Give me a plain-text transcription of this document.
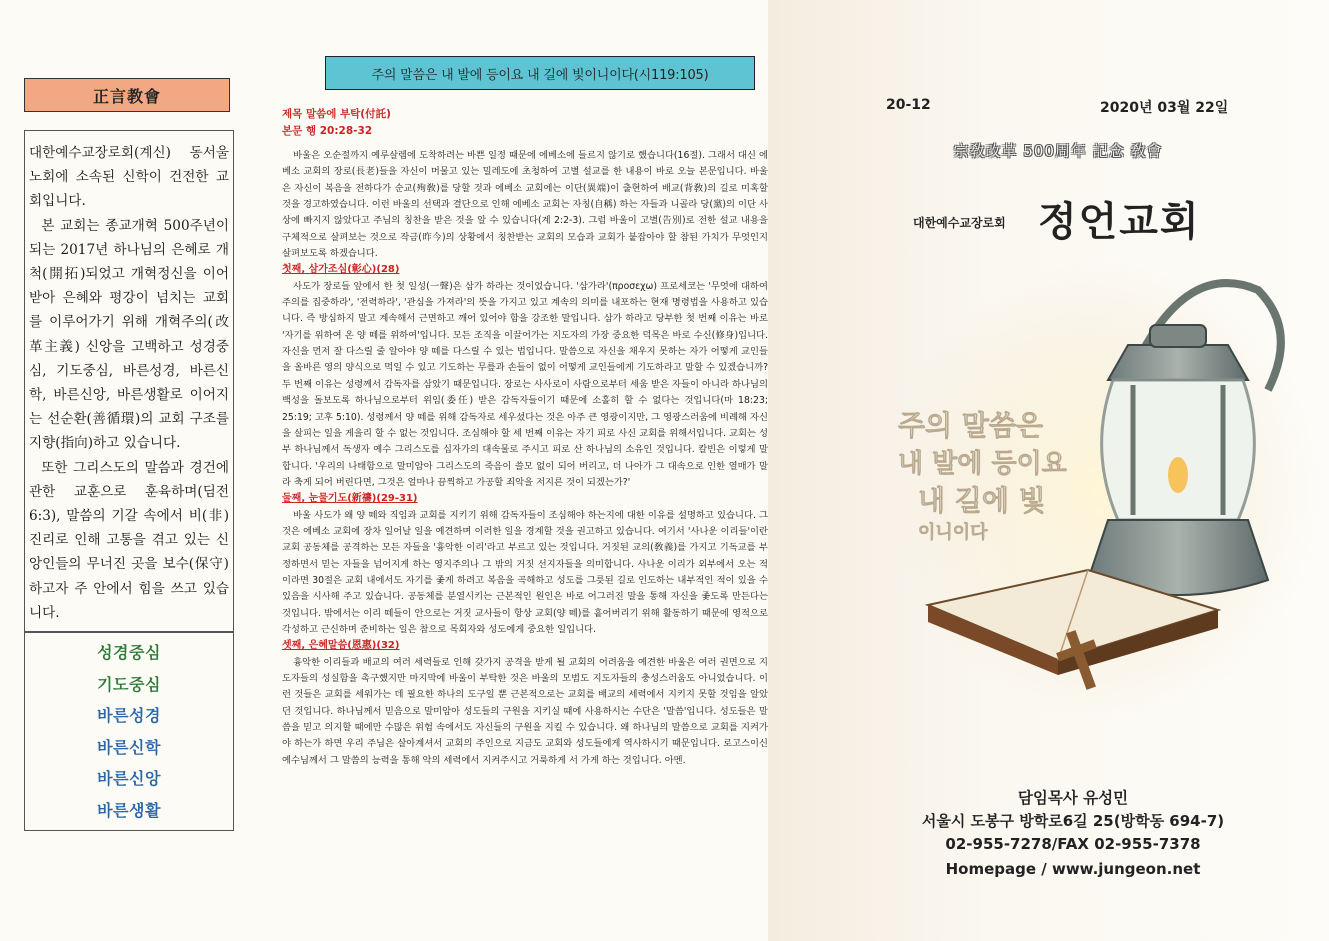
正言教會

대한예수교장로회(계신) 동서울 노회에 소속된 신학이 건전한 교회입니다.

본 교회는 종교개혁 500주년이 되는 2017년 하나님의 은혜로 개척(開拓)되었고 개혁정신을 이어받아 은혜와 평강이 넘치는 교회를 이루어가기 위해 개혁주의(改革主義) 신앙을 고백하고 성경중심, 기도중심, 바른성경, 바른신학, 바른신앙, 바른생활로 이어지는 선순환(善循環)의 교회 구조를 지향(指向)하고 있습니다.

또한 그리스도의 말씀과 경건에 관한 교훈으로 훈육하며(딤전 6:3), 말씀의 기갈 속에서 비(非) 진리로 인해 고통을 겪고 있는 신앙인들의 무너진 곳을 보수(保守)하고자 주 안에서 힘을 쓰고 있습니다.

성경중심
기도중심
바른성경
바른신학
바른신앙
바른생활
주의 말씀은 내 발에 등이요 내 길에 빛이니이다(시119:105)
제목 말씀에 부탁(付託)
본문 행 20:28-32

바울은 오순절까지 예루살렘에 도착하려는 바쁜 일정 때문에 에베소에 들르지 않기로 했습니다(16절). 그래서 대신 에베소 교회의 장로(長老)들을 자신이 머물고 있는 밀레도에 초청하여 고별 설교를 한 내용이 바로 오늘 본문입니다. 바울은 자신이 복음을 전하다가 순교(殉敎)를 당할 것과 에베소 교회에는 이단(異端)이 출현하여 배교(背敎)의 길로 미혹할 것을 경고하였습니다. 이런 바울의 선택과 결단으로 인해 에베소 교회는 자칭(自稱) 하는 자들과 니골라 당(黨)의 이단 사상에 빠지지 않았다고 주님의 칭찬을 받은 것을 알 수 있습니다(계 2:2-3). 그럼 바울이 고별(告別)로 전한 설교 내용을 구체적으로 살펴보는 것으로 작금(昨今)의 상황에서 칭찬받는 교회의 모습과 교회가 붙잡아야 할 참된 가치가 무엇인지 살펴보도록 하겠습니다.

첫째, 삼가조심(彰心)(28)

사도가 장로들 앞에서 한 첫 일성(一聲)은 삼가 하라는 것이었습니다. '삼가라'(προσεχω) 프로세코는 '무엇에 대하여 주의를 집중하라', '전력하라', '관심을 가져라'의 뜻을 가지고 있고 계속의 의미를 내포하는 현재 명령법을 사용하고 있습니다. 즉 방심하지 말고 계속해서 근면하고 깨어 있어야 함을 강조한 말입니다. 삼가 하라고 당부한 첫 번째 이유는 바로 '자기를 위하여 온 양 떼를 위하여'입니다. 모든 조직을 이끌어가는 지도자의 가장 중요한 덕목은 바로 수신(修身)입니다. 자신을 먼저 잘 다스릴 줄 알아야 양 떼를 다스릴 수 있는 법입니다. 말씀으로 자신을 채우지 못하는 자가 어떻게 교인들을 올바른 영의 양식으로 먹일 수 있고 기도하는 무릎과 손들이 없이 어떻게 교인들에게 기도하라고 말할 수 있겠습니까? 두 번째 이유는 성령께서 감독자를 삼았기 때문입니다. 장로는 사사로이 사람으로부터 세움 받은 자들이 아니라 하나님의 백성을 돌보도록 하나님으로부터 위임(委任) 받은 감독자들이기 때문에 소홀히 할 수 없다는 것입니다(마 18:23; 25:19; 고후 5:10). 성령께서 양 떼를 위해 감독자로 세우셨다는 것은 아주 큰 영광이지만, 그 영광스러움에 비례해 자신을 살피는 일을 게을리 할 수 없는 것입니다. 조심해야 할 세 번째 이유는 자기 피로 사신 교회를 위해서입니다. 교회는 성부 하나님께서 독생자 예수 그리스도를 십자가의 대속물로 주시고 피로 산 하나님의 소유인 것입니다. 칼빈은 이렇게 말합니다. '우리의 나태함으로 말미암아 그리스도의 죽음이 쓸모 없이 되어 버리고, 더 나아가 그 대속으로 인한 열매가 말라 축게 되어 버린다면, 그것은 얼마나 끔찍하고 가공할 죄악을 저지른 것이 되겠는가?'

둘째, 눈물기도(新禱)(29-31)

바울 사도가 왜 양 떼와 직임과 교회를 지키기 위해 감독자들이 조심해야 하는지에 대한 이유를 설명하고 있습니다. 그것은 에베소 교회에 장차 일어날 일을 예견하며 이러한 일을 경계할 것을 권고하고 있습니다. 여기서 '사나운 이리들'이란 교회 공동체를 공격하는 모든 자들을 '흉악한 이리'라고 부르고 있는 것입니다. 거짓된 교의(敎義)를 가지고 기독교를 부정하면서 믿는 자들을 넘어지게 하는 영지주의나 그 밖의 거짓 선지자들을 의미합니다. 사나운 이리가 외부에서 오는 적이라면 30절은 교회 내에서도 자기를 좇게 하려고 복음을 곡해하고 성도를 그릇된 길로 인도하는 내부적인 적이 있을 수 있음을 시사해 주고 있습니다. 공동체를 분열시키는 근본적인 원인은 바로 어그러진 말을 통해 자신을 좇도록 만든다는 것입니다. 밖에서는 이리 떼들이 안으로는 거짓 교사들이 항상 교회(양 떼)를 흩어버리기 위해 활동하기 때문에 영적으로 각성하고 근신하며 준비하는 일은 참으로 목회자와 성도에게 중요한 일입니다.

셋째, 은혜말씀(恩惠)(32)

흉악한 이리들과 배교의 여러 세력들로 인해 갖가지 공격을 받게 될 교회의 어려움을 예견한 바울은 여러 권면으로 지도자들의 성실함을 촉구했지만 마지막에 바울이 부탁한 것은 바울의 모범도 지도자들의 충성스러움도 아니었습니다. 이런 것들은 교회를 세워가는 데 필요한 하나의 도구일 뿐 근본적으로는 교회를 배교의 세력에서 지키지 못할 것임을 알았던 것입니다. 하나님께서 믿음으로 말미암아 성도들의 구원을 지키실 때에 사용하시는 수단은 '말씀'입니다. 성도들은 말씀을 믿고 의지할 때에만 수많은 위험 속에서도 자신들의 구원을 지킬 수 있습니다. 왜 하나님의 말씀으로 교회를 지켜가야 하는가 하면 우리 주님은 살아계셔서 교회의 주인으로 지금도 교회와 성도들에게 역사하시기 때문입니다. 로고스이신 예수님께서 그 말씀의 능력을 통해 악의 세력에서 지켜주시고 거룩하게 서 가게 하는 것입니다. 아멘.

20-12	2020년 03월 22일
宗敎改革 500周年 記念 敎會
대한예수교장로회 정언교회
주의 말씀은
내 발에 등이요
내 길에 빛
이니이다
담임목사 유성민
서울시 도봉구 방학로6길 25(방학동 694-7)
02-955-7278/FAX 02-955-7378
Homepage / www.jungeon.net
